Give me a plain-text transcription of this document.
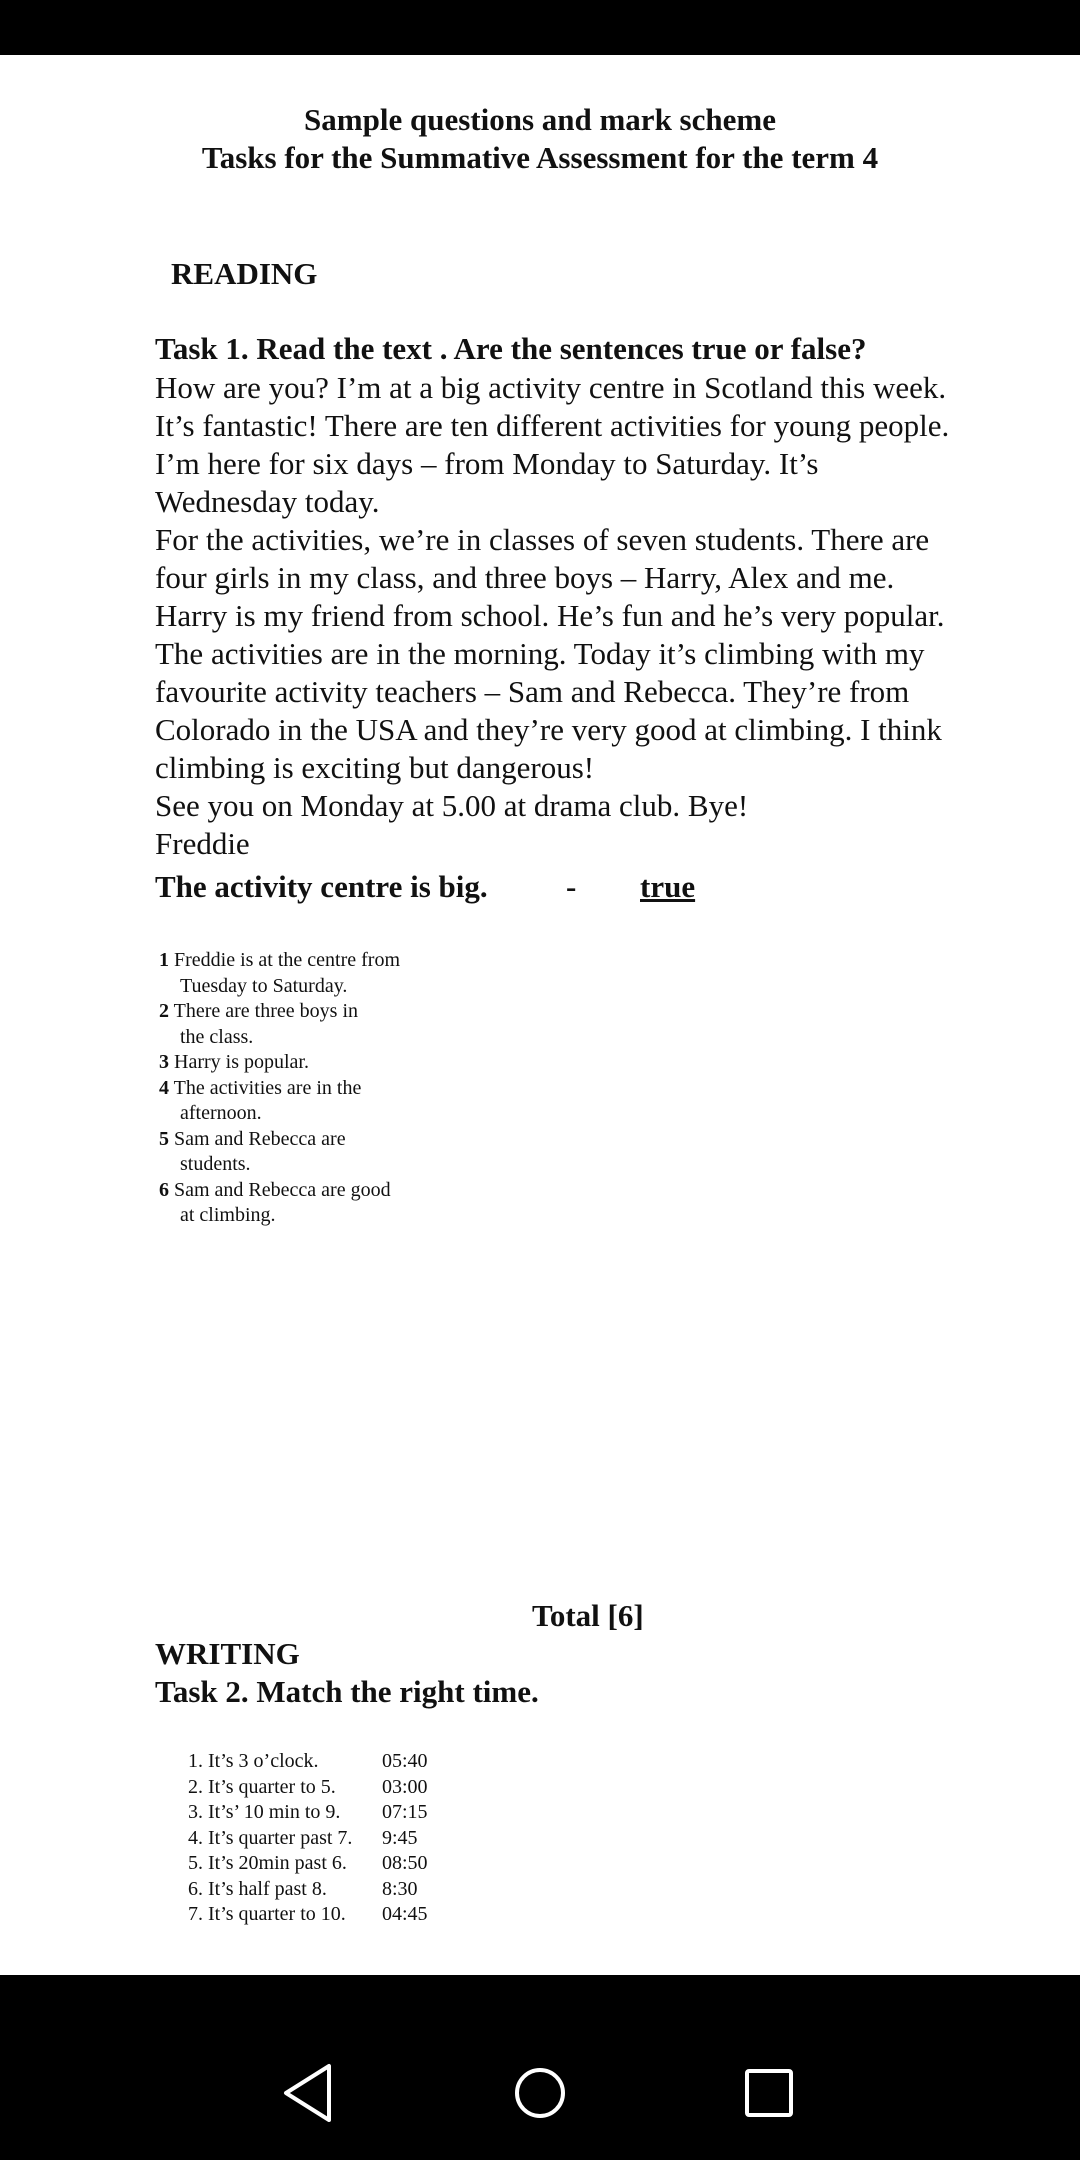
Sample questions and mark scheme
Tasks for the Summative Assessment for the term 4
READING
Task 1. Read the text . Are the sentences true or false?
How are you? I’m at a big activity centre in Scotland this week.
It’s fantastic! There are ten different activities for young people.
I’m here for six days – from Monday to Saturday. It’s
Wednesday today.
For the activities, we’re in classes of seven students. There are
four girls in my class, and three boys – Harry, Alex and me.
Harry is my friend from school. He’s fun and he’s very popular.
The activities are in the morning. Today it’s climbing with my
favourite activity teachers – Sam and Rebecca. They’re from
Colorado in the USA and they’re very good at climbing. I think
climbing is exciting but dangerous!
See you on Monday at 5.00 at drama club. Bye!
Freddie
The activity centre is big.	- true
1 Freddie is at the centre from
Tuesday to Saturday.
2 There are three boys in
the class.
3 Harry is popular.
4 The activities are in the
afternoon.
5 Sam and Rebecca are
students.
6 Sam and Rebecca are good
at climbing.
Total [6]
WRITING
Task 2. Match the right time.
1. It’s 3 o’clock.	05:40
2. It’s quarter to 5.	03:00
3. It’s’ 10 min to 9.	07:15
4. It’s quarter past 7.	9:45
5. It’s 20min past 6.	08:50
6. It’s half past 8.	8:30
7. It’s quarter to 10.	04:45
